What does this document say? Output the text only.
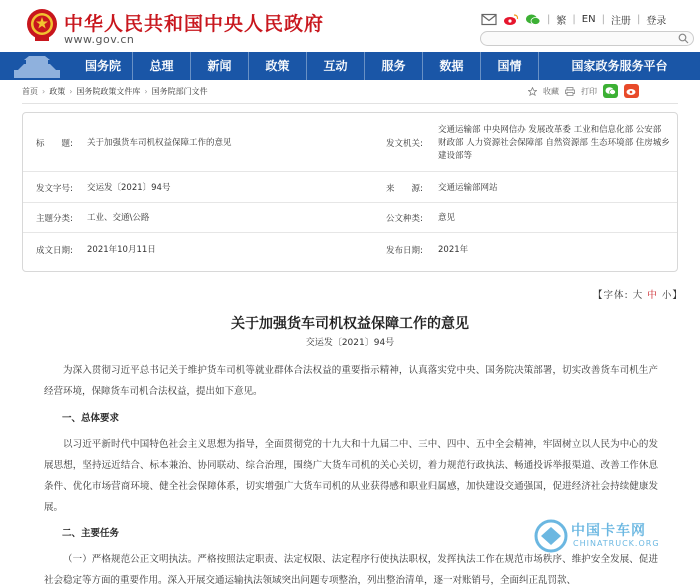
中华人民共和国中央人民政府
www.gov.cn
| 繁 | EN | 注册 | 登录
国务院	总理	新闻	政策	互动	服务	数据	国情	国家政务服务平台
首页 › 政策 › 国务院政策文件库 › 国务院部门文件	收藏	打印
标　　题: 关于加强货车司机权益保障工作的意见	发文机关:
交通运输部 中央网信办 发展改革委 工业和信息化部 公安部 财政部 人力资源社会保障部 自然资源部 生态环境部 住房城乡建设部等
发文字号: 交运发〔2021〕94号	来　　源: 交通运输部网站
主题分类: 工业、交通\公路	公文种类: 意见
成文日期: 2021年10月11日	发布日期: 2021年
【字体: 大 中 小】
关于加强货车司机权益保障工作的意见
交运发〔2021〕94号
为深入贯彻习近平总书记关于维护货车司机等就业群体合法权益的重要指示精神，认真落实党中央、国务院决策部署，切实改善货车司机生产经营环境，保障货车司机合法权益，提出如下意见。
一、总体要求
以习近平新时代中国特色社会主义思想为指导，全面贯彻党的十九大和十九届二中、三中、四中、五中全会精神，牢固树立以人民为中心的发展思想，坚持远近结合、标本兼治、协同联动、综合治理，围绕广大货车司机的关心关切，着力规范行政执法、畅通投诉举报渠道、改善工作休息条件、优化市场营商环境、健全社会保障体系，切实增强广大货车司机的从业获得感和职业归属感，加快建设交通强国，促进经济社会持续健康发展。
二、主要任务
（一）严格规范公正文明执法。严格按照法定职责、法定权限、法定程序行使执法职权，发挥执法工作在规范市场秩序、维护安全发展、促进社会稳定等方面的重要作用。深入开展交通运输执法领域突出问题专项整治，列出整治清单，逐一对账销号，全面纠正乱罚款、
中国卡车网
CHINATRUCK.ORG
